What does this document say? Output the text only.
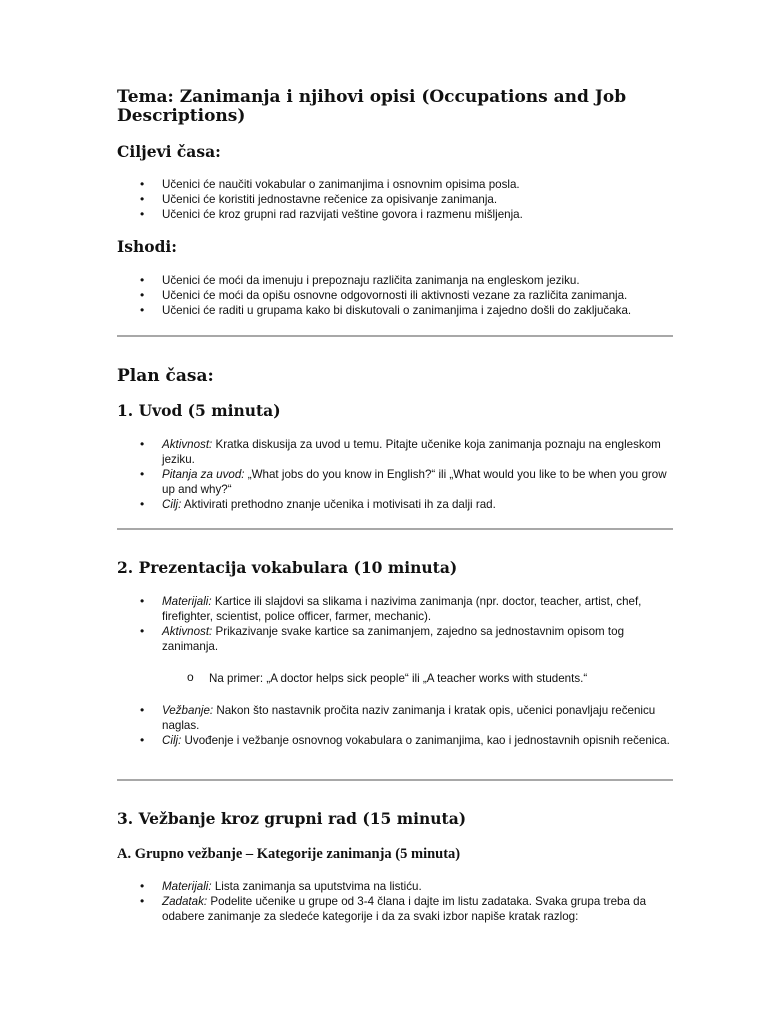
Tema: Zanimanja i njihovi opisi (Occupations and Job Descriptions)
Ciljevi časa:
• Učenici će naučiti vokabular o zanimanjima i osnovnim opisima posla.
• Učenici će koristiti jednostavne rečenice za opisivanje zanimanja.
• Učenici će kroz grupni rad razvijati veštine govora i razmenu mišljenja.
Ishodi:
• Učenici će moći da imenuju i prepoznaju različita zanimanja na engleskom jeziku.
• Učenici će moći da opišu osnovne odgovornosti ili aktivnosti vezane za različita zanimanja.
• Učenici će raditi u grupama kako bi diskutovali o zanimanjima i zajedno došli do zaključaka.
Plan časa:
1. Uvod (5 minuta)
• Aktivnost: Kratka diskusija za uvod u temu. Pitajte učenike koja zanimanja poznaju na engleskom jeziku.
• Pitanja za uvod: „What jobs do you know in English?“ ili „What would you like to be when you grow up and why?“
• Cilj: Aktivirati prethodno znanje učenika i motivisati ih za dalji rad.
2. Prezentacija vokabulara (10 minuta)
• Materijali: Kartice ili slajdovi sa slikama i nazivima zanimanja (npr. doctor, teacher, artist, chef, firefighter, scientist, police officer, farmer, mechanic).
• Aktivnost: Prikazivanje svake kartice sa zanimanjem, zajedno sa jednostavnim opisom tog zanimanja.
o Na primer: „A doctor helps sick people“ ili „A teacher works with students.“
• Vežbanje: Nakon što nastavnik pročita naziv zanimanja i kratak opis, učenici ponavljaju rečenicu naglas.
• Cilj: Uvođenje i vežbanje osnovnog vokabulara o zanimanjima, kao i jednostavnih opisnih rečenica.
3. Vežbanje kroz grupni rad (15 minuta)
A. Grupno vežbanje – Kategorije zanimanja (5 minuta)
• Materijali: Lista zanimanja sa uputstvima na listiću.
• Zadatak: Podelite učenike u grupe od 3-4 člana i dajte im listu zadataka. Svaka grupa treba da odabere zanimanje za sledeće kategorije i da za svaki izbor napiše kratak razlog:
